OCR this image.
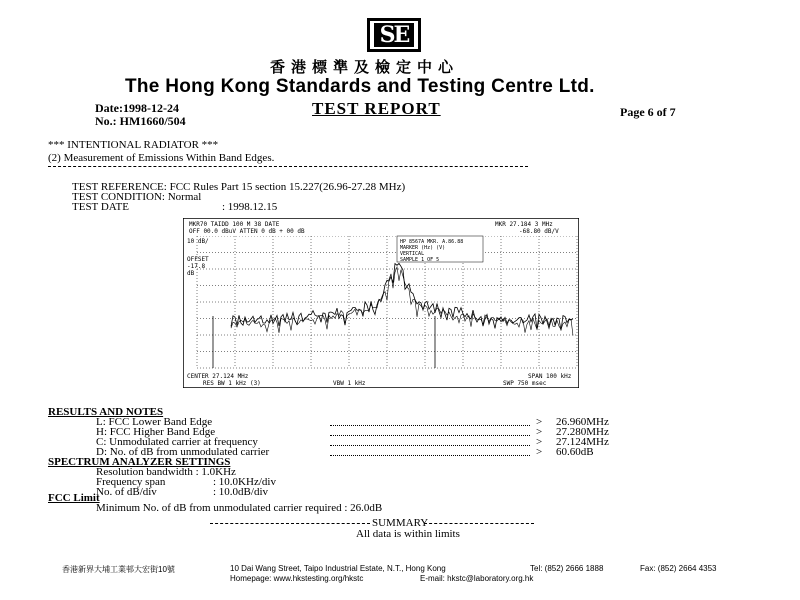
SE
香港標準及檢定中心
The Hong Kong Standards and Testing Centre Ltd.
Date:1998-12-24
No.: HM1660/504
TEST REPORT	Page 6 of 7
*** INTENTIONAL RADIATOR ***
(2) Measurement of Emissions Within Band Edges.
TEST REFERENCE: FCC Rules Part 15 section 15.227(26.96-27.28 MHz)
TEST CONDITION: Normal
TEST DATE	: 1998.12.15
MKR70 TAIDD 100 M 38 DATE	MKR 27.184 3 MHz
OFF 00.0 dBuV ATTEN 0 dB + 00 dB	-68.80 dB/V
10 dB/
OFFSET
-17.8
dB
HP 8567A MKR. A.86.88
MARKER (Hz) (V)
VERTICAL
SAMPLE 1 OF 5
CENTER 27.124 MHz	SPAN 100 kHz
RES BW 1 kHz (3)	VBW 1 kHz	SWP 750 msec
RESULTS AND NOTES
L: FCC Lower Band Edge	> 26.960MHz
H: FCC Higher Band Edge	> 27.280MHz
C: Unmodulated carrier at frequency	> 27.124MHz
D: No. of dB from unmodulated carrier	> 60.60dB
SPECTRUM ANALYZER SETTINGS
Resolution bandwidth : 1.0KHz
Frequency span	: 10.0KHz/div
No. of dB/div	: 10.0dB/div
FCC Limit
Minimum No. of dB from unmodulated carrier required : 26.0dB
SUMMARY
All data is within limits
香港新界大埔工業邨大宏街10號	10 Dai Wang Street, Taipo Industrial Estate, N.T., Hong Kong	Tel: (852) 2666 1888	Fax: (852) 2664 4353
Homepage: www.hkstesting.org/hkstc	E-mail: hkstc@laboratory.org.hk
